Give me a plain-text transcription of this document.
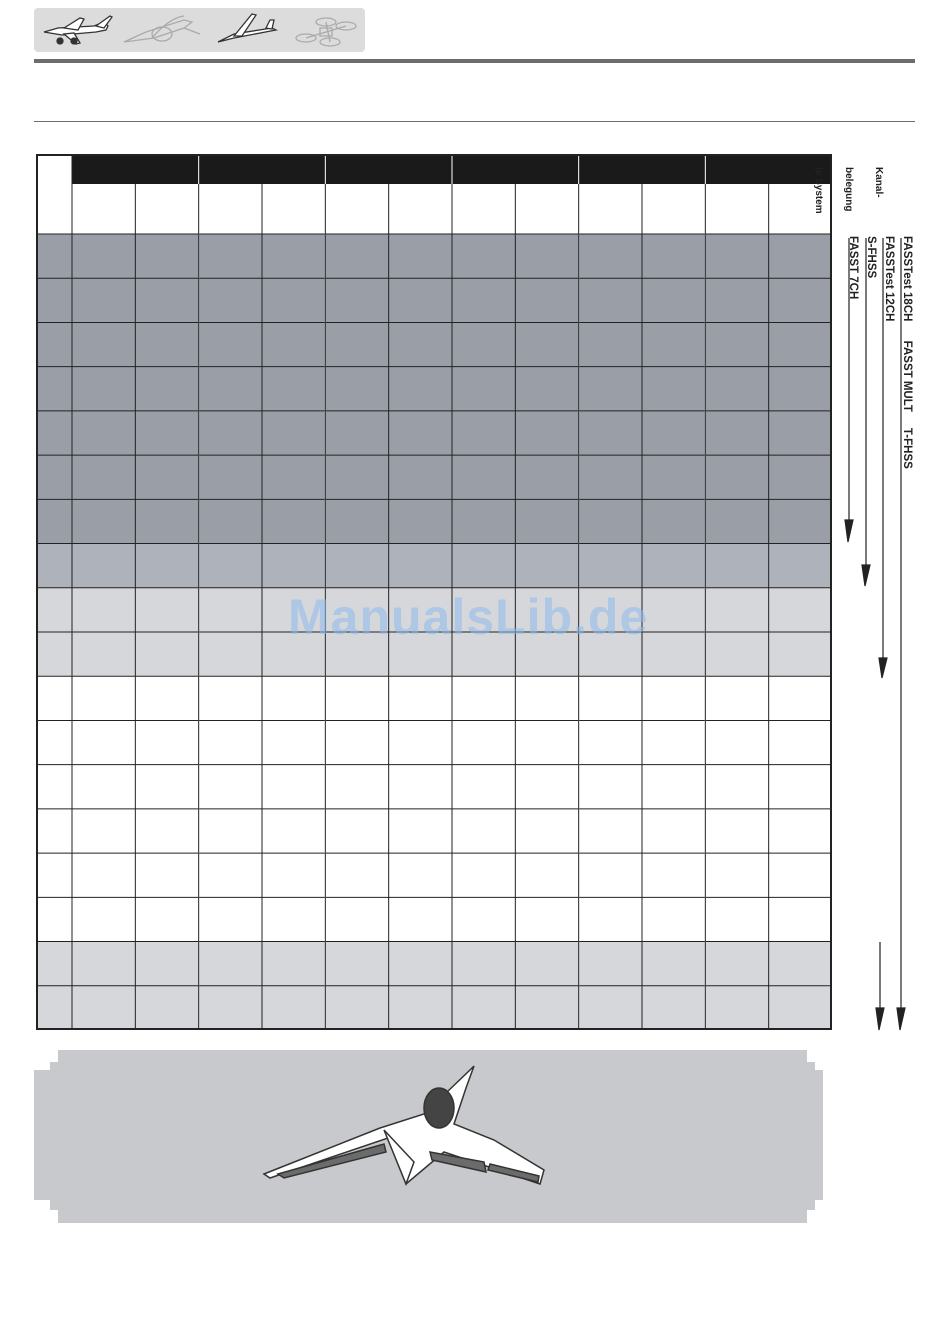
Kanal-

belegung

je System

FASSTest 18CH      FASST MULT     T-FHSS
FASSTest 12CH
S-FHSS
FASST 7CH
ManualsLib.de
